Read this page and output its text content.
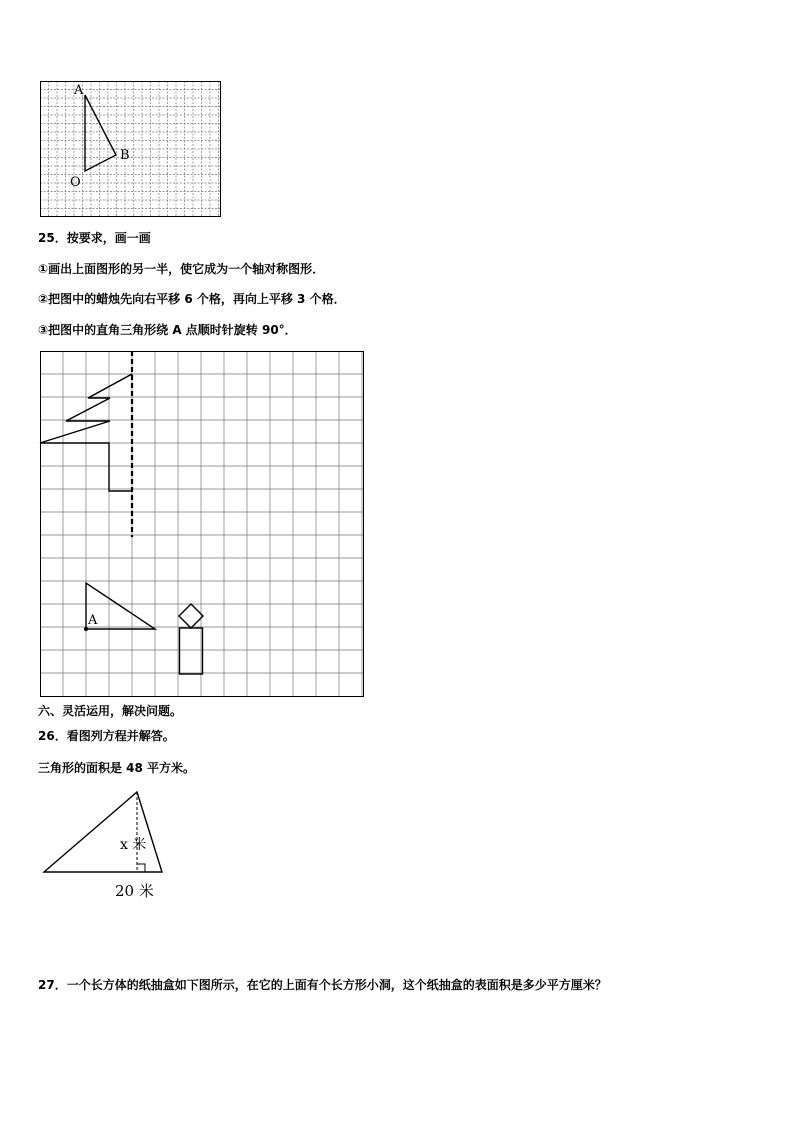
A
B
O
25．按要求，画一画
①画出上面图形的另一半，使它成为一个轴对称图形．
②把图中的蜡烛先向右平移 6 个格，再向上平移 3 个格．
③把图中的直角三角形绕 A 点顺时针旋转 90°．
A
六、灵活运用，解决问题。
26．看图列方程并解答。
三角形的面积是 48 平方米。
x 米
20 米
27．一个长方体的纸抽盒如下图所示，在它的上面有个长方形小洞，这个纸抽盒的表面积是多少平方厘米？
